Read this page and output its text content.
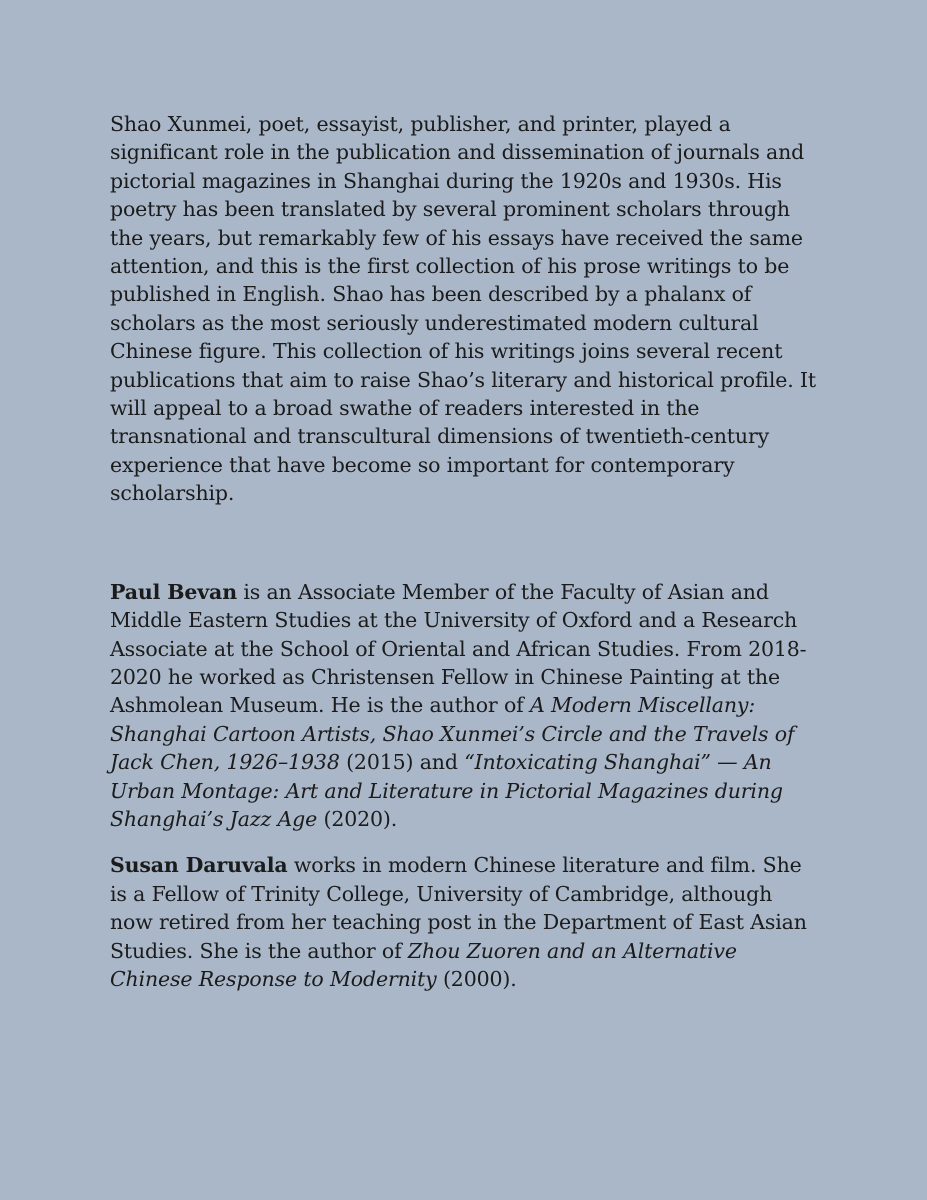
Shao Xunmei, poet, essayist, publisher, and printer, played a significant role in the publication and dissemination of journals and pictorial magazines in Shanghai during the 1920s and 1930s. His poetry has been translated by several prominent scholars through the years, but remarkably few of his essays have received the same attention, and this is the first collection of his prose writings to be published in English. Shao has been described by a phalanx of scholars as the most seriously underestimated modern cultural Chinese figure. This collection of his writings joins several recent publications that aim to raise Shao’s literary and historical profile. It will appeal to a broad swathe of readers interested in the transnational and transcultural dimensions of twentieth-century experience that have become so important for contemporary scholarship.

Paul Bevan is an Associate Member of the Faculty of Asian and Middle Eastern Studies at the University of Oxford and a Research Associate at the School of Oriental and African Studies. From 2018-2020 he worked as Christensen Fellow in Chinese Painting at the Ashmolean Museum. He is the author of A Modern Miscellany: Shanghai Cartoon Artists, Shao Xunmei’s Circle and the Travels of Jack Chen, 1926–1938 (2015) and “Intoxicating Shanghai” — An Urban Montage: Art and Literature in Pictorial Magazines during Shanghai’s Jazz Age (2020).

Susan Daruvala works in modern Chinese literature and film. She is a Fellow of Trinity College, University of Cambridge, although now retired from her teaching post in the Department of East Asian Studies. She is the author of Zhou Zuoren and an Alternative Chinese Response to Modernity (2000).
